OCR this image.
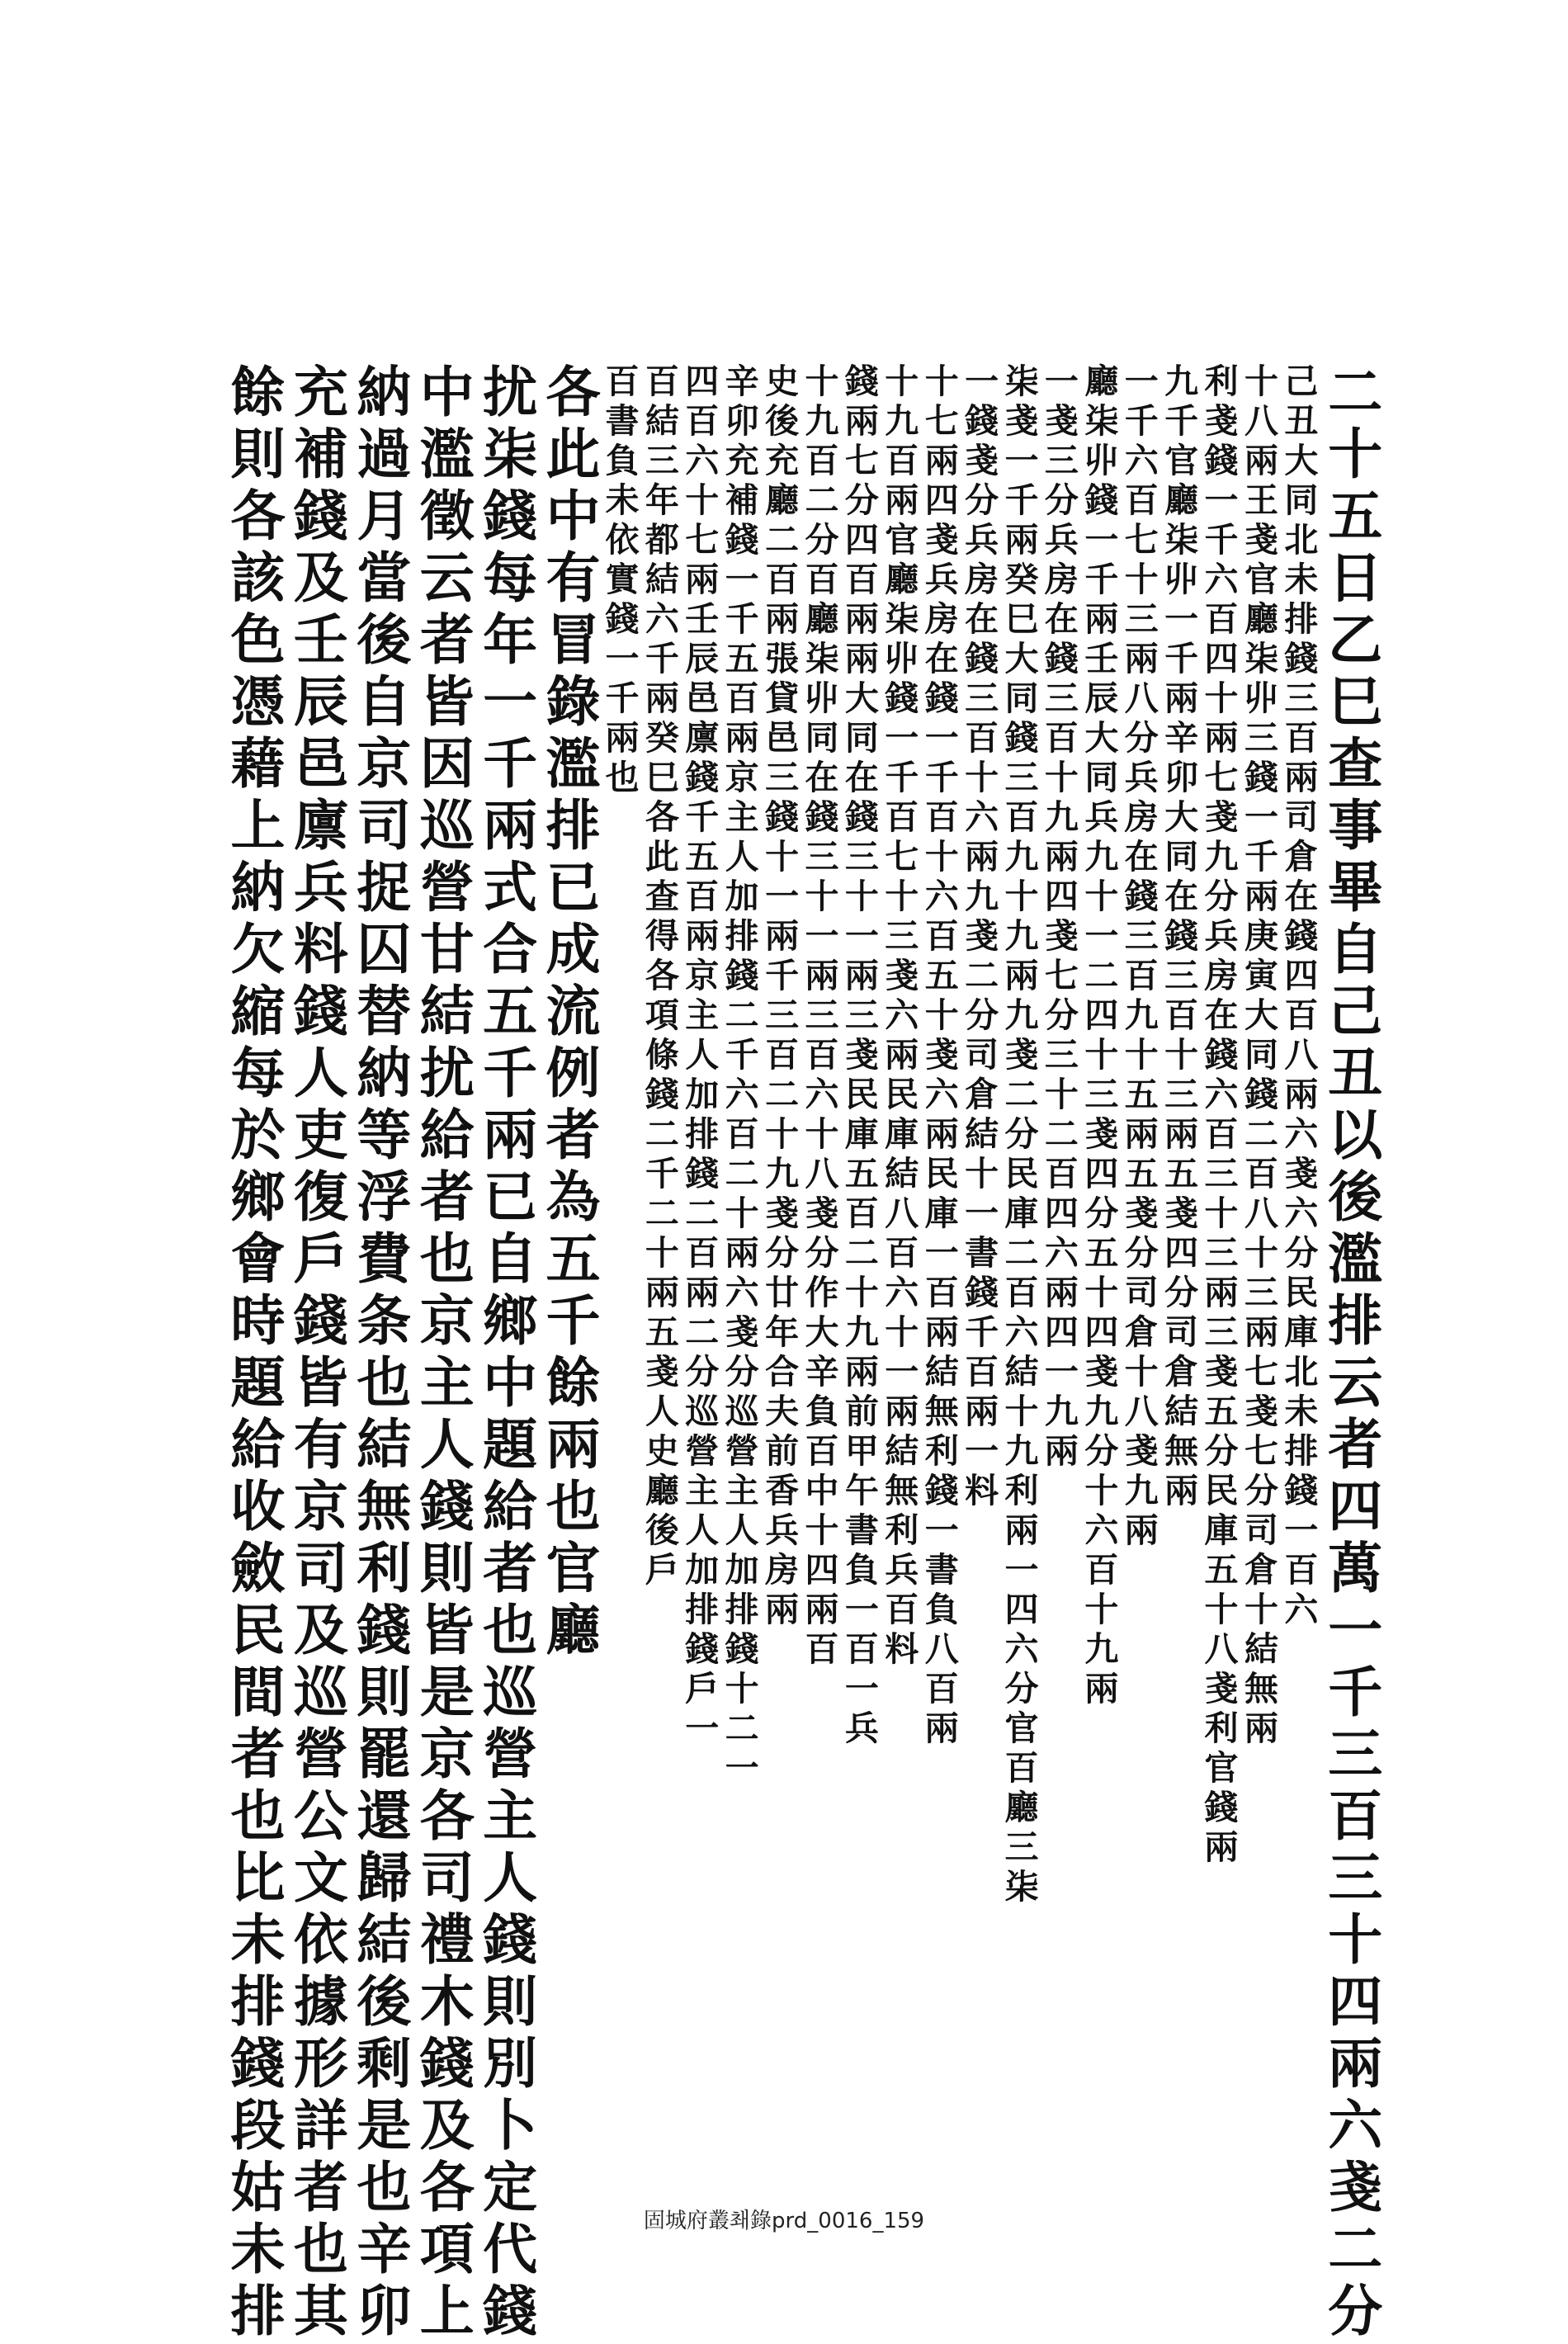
二十五日乙巳查事畢自己丑以後濫排云者四萬一千三百三十四兩六戔二分
己丑大同北未排錢三百兩司倉在錢四百八兩六戔六分民庫北未排錢一百六
十八兩王戔官廳㭍丱三錢一千兩庚寅大同錢二百八十三兩七戔七分司倉十結無兩
利戔錢一千六百四十兩七戔九分兵房在錢六百三十三兩三戔五分民庫五十八戔利官錢兩
九千官廳㭍丱一千兩辛卯大同在錢三百十三兩五戔四分司倉結無兩
一千六百七十三兩八分兵房在錢三百九十五兩五戔分司倉十八戔九兩
廳㭍丱錢一千兩壬辰大同兵九十一二四十三戔四分五十四戔九分十六百十九兩
一戔三分兵房在錢三百十九兩四戔七分三十二百四六兩四一九兩
㭍戔一千兩癸巳大同錢三百九十九兩九戔二分民庫二百六結十九利兩一四六分官百廳三㭍
一錢戔分兵房在錢三百十六兩九戔二分司倉結十一書錢千百兩一料
十七兩四戔兵房在錢一千百十六百五十戔六兩民庫一百兩結無利錢一書負八百兩
十九百兩官廳㭍丱錢一千百七十三戔六兩民庫結八百六十一兩結無利兵百料
錢兩七分四百兩兩大同在錢三十一兩三戔民庫五百二十九兩前甲午書負一百一兵
十九百二分百廳㭍丱同在錢三十一兩三百六十八戔分作大辛負百中十四兩百
史後充廳二百兩張貸邑三錢十一兩千三百二十九戔分廿年合夫前香兵房兩
辛卯充補錢一千五百兩京主人加排錢二千六百二十兩六戔分巡營主人加排錢十二一
四百六十七兩壬辰邑廪錢千五百兩京主人加排錢二百兩二分巡營主人加排錢戶一
百結三年都結六千兩癸巳各此查得各項條錢二千二十兩五戔人史廳後戶
百書負未依實錢一千兩也
各此中有冒錄濫排已成流例者為五千餘兩也官廳
扰㭍錢每年一千兩式合五千兩已自鄉中題給者也巡營主人錢則別卜定代錢
中濫徵云者皆因巡營甘結扰給者也京主人錢則皆是京各司禮木錢及各項上
納過月當後自京司捉囚替納等浮費条也結無利錢則罷還歸結後剩是也辛卯
充補錢及壬辰邑廪兵料錢人吏復戶錢皆有京司及巡營公文依據形詳者也其
餘則各該色憑藉上納欠縮每於鄉會時題給收斂民間者也比未排錢段姑未排	固城府叢쵀錄prd_0016_159
